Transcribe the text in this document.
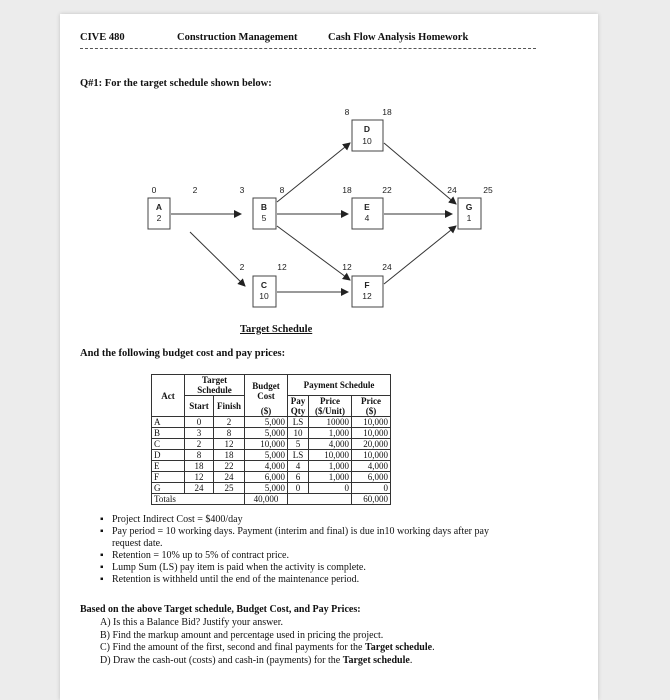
CIVE 480	Construction Management	Cash Flow Analysis Homework
Q#1: For the target schedule shown below:
A
2
0	2
B
5
3	8
C
10
2	12
D
10
8	18
E
4
18	22
F
12
12	24
G
1
24	25
Target Schedule
And the following budget cost and pay prices:
Act	Target Schedule		Budget Cost	Payment Schedule		
	Start	Finish		Pay	Price	Price
			($)	Qty	($/Unit)	($)
A	0	2	5,000	LS	10000	10,000
B	3	8	5,000	10	1,000	10,000
C	2	12	10,000	5	4,000	20,000
D	8	18	5,000	LS	10,000	10,000
E	18	22	4,000	4	1,000	4,000
F	12	24	6,000	6	1,000	6,000
G	24	25	5,000	0	0	0
Totals			40,000			60,000
▪ Project Indirect Cost = $400/day
▪ Pay period = 10 working days. Payment (interim and final) is due in10 working days after pay request date.
▪ Retention = 10% up to 5% of contract price.
▪ Lump Sum (LS) pay item is paid when the activity is complete.
▪ Retention is withheld until the end of the maintenance period.
Based on the above Target schedule, Budget Cost, and Pay Prices:
A) Is this a Balance Bid? Justify your answer.
B) Find the markup amount and percentage used in pricing the project.
C) Find the amount of the first, second and final payments for the Target schedule.
D) Draw the cash-out (costs) and cash-in (payments) for the Target schedule.
